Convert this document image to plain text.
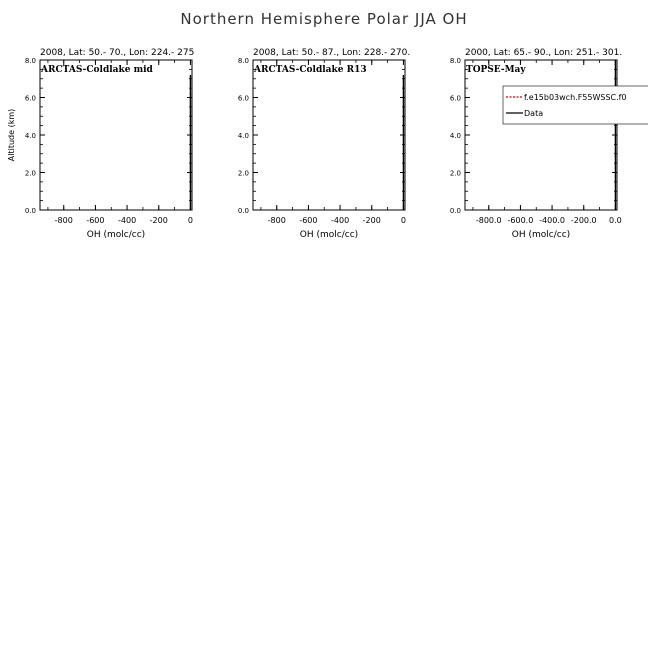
Northern Hemisphere Polar JJA OH
2008, Lat: 50.- 70., Lon: 224.- 275
ARCTAS-Coldlake mid
0.0
2.0
4.0
6.0
8.0
-800 -600 -400 -200	0
OH (molc/cc)
Altitude (km)
2008, Lat: 50.- 87., Lon: 228.- 270.
ARCTAS-Coldlake R13
0.0
2.0
4.0
6.0
8.0
-800 -600 -400 -200	0
OH (molc/cc)
2000, Lat: 65.- 90., Lon: 251.- 301.
TOPSE-May
0.0
2.0
4.0
6.0
8.0
-800.0 -600.0 -400.0 -200.0 0.0
OH (molc/cc)
f.e15b03wch.F55WSSC.f0
Data
